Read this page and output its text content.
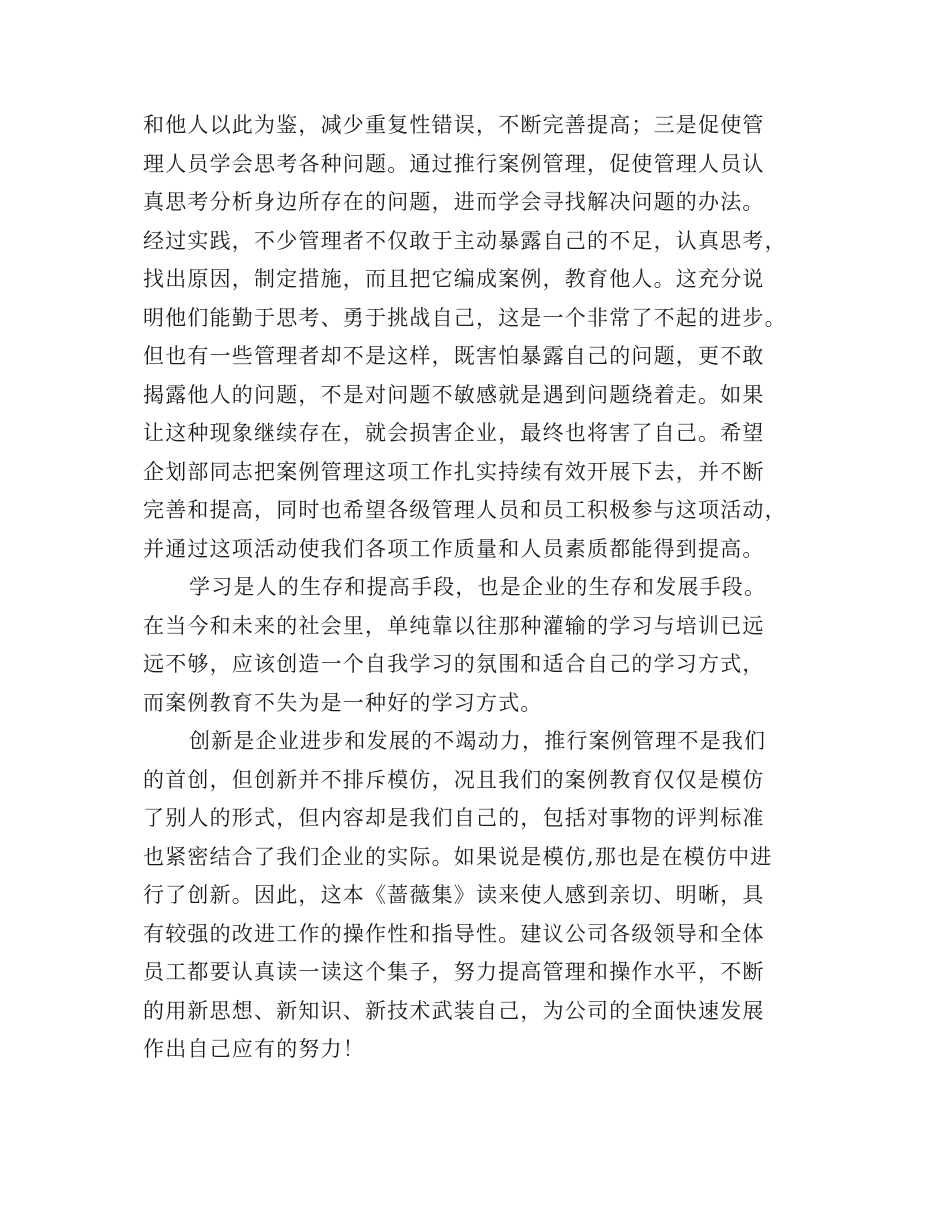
和他人以此为鉴，减少重复性错误，不断完善提高；三是促使管
理人员学会思考各种问题。通过推行案例管理，促使管理人员认
真思考分析身边所存在的问题，进而学会寻找解决问题的办法。
经过实践，不少管理者不仅敢于主动暴露自己的不足，认真思考，
找出原因，制定措施，而且把它编成案例，教育他人。这充分说
明他们能勤于思考、勇于挑战自己，这是一个非常了不起的进步。
但也有一些管理者却不是这样，既害怕暴露自己的问题，更不敢
揭露他人的问题，不是对问题不敏感就是遇到问题绕着走。如果
让这种现象继续存在，就会损害企业，最终也将害了自己。希望
企划部同志把案例管理这项工作扎实持续有效开展下去，并不断
完善和提高，同时也希望各级管理人员和员工积极参与这项活动，
并通过这项活动使我们各项工作质量和人员素质都能得到提高。
学习是人的生存和提高手段，也是企业的生存和发展手段。
在当今和未来的社会里，单纯靠以往那种灌输的学习与培训已远
远不够，应该创造一个自我学习的氛围和适合自己的学习方式，
而案例教育不失为是一种好的学习方式。
创新是企业进步和发展的不竭动力，推行案例管理不是我们
的首创，但创新并不排斥模仿，况且我们的案例教育仅仅是模仿
了别人的形式，但内容却是我们自己的，包括对事物的评判标准
也紧密结合了我们企业的实际。如果说是模仿,那也是在模仿中进
行了创新。因此，这本《蔷薇集》读来使人感到亲切、明晰，具
有较强的改进工作的操作性和指导性。建议公司各级领导和全体
员工都要认真读一读这个集子，努力提高管理和操作水平，不断
的用新思想、新知识、新技术武装自己，为公司的全面快速发展
作出自己应有的努力！
